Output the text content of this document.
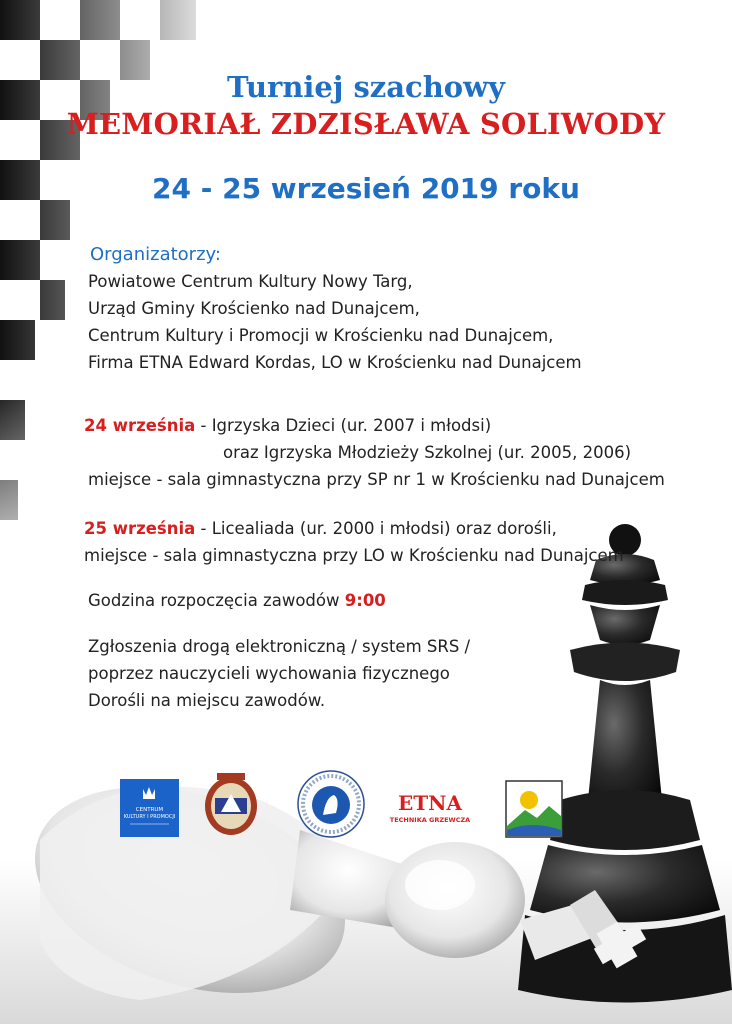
Turniej szachowy
MEMORIAŁ ZDZISŁAWA SOLIWODY
24 - 25 wrzesień 2019 roku
Organizatorzy:
Powiatowe Centrum Kultury Nowy Targ,
Urząd Gminy Krościenko nad Dunajcem,
Centrum Kultury i Promocji w Krościenku nad Dunajcem,
Firma ETNA Edward Kordas, LO w Krościenku nad Dunajcem
24 września - Igrzyska Dzieci (ur. 2007 i młodsi)
oraz Igrzyska Młodzieży Szkolnej (ur. 2005, 2006)
miejsce - sala gimnastyczna przy SP nr 1 w Krościenku nad Dunajcem
25 września - Licealiada (ur. 2000 i młodsi) oraz dorośli,
miejsce - sala gimnastyczna przy LO w Krościenku nad Dunajcem
Godzina rozpoczęcia zawodów 9:00
Zgłoszenia drogą elektroniczną / system SRS /
poprzez nauczycieli wychowania fizycznego
Dorośli na miejscu zawodów.
CENTRUM
KULTURY I PROMOCJI
ETNA
TECHNIKA GRZEWCZA
